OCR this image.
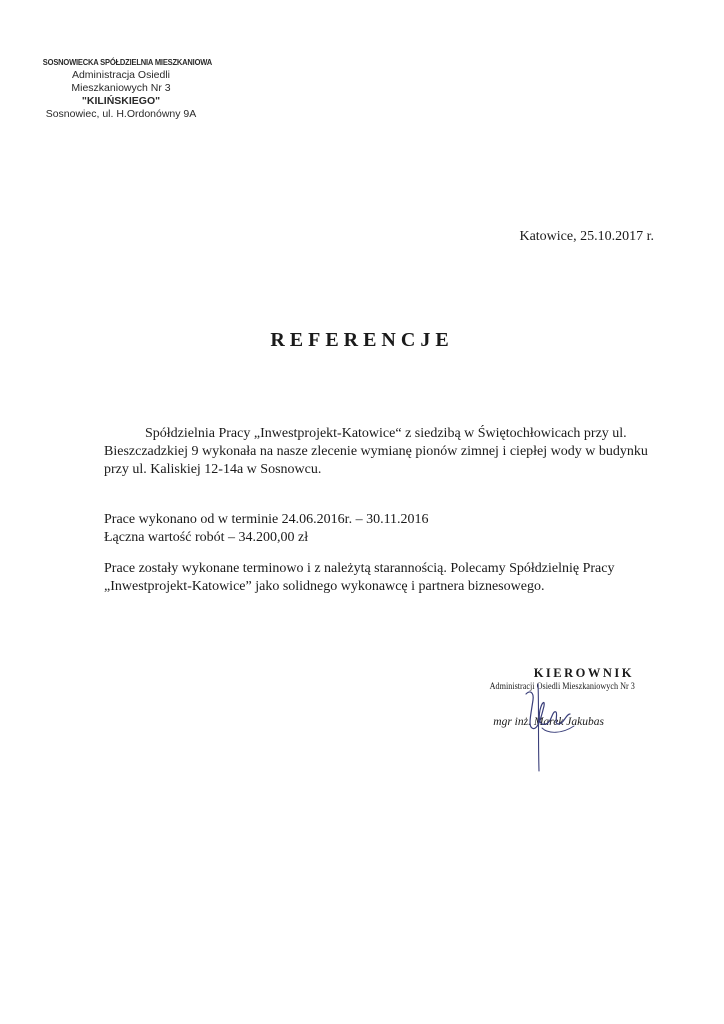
SOSNOWIECKA SPÓŁDZIELNIA MIESZKANIOWA
Administracja Osiedli
Mieszkaniowych Nr 3
"KILIŃSKIEGO"
Sosnowiec, ul. H.Ordonówny 9A
Katowice, 25.10.2017 r.
REFERENCJE
Spółdzielnia Pracy „Inwestprojekt-Katowice“ z siedzibą w Świętochłowicach przy ul. Bieszczadzkiej 9 wykonała na nasze zlecenie wymianę pionów zimnej i ciepłej wody w budynku przy ul. Kaliskiej 12-14a w Sosnowcu.
Prace wykonano od w terminie 24.06.2016r. – 30.11.2016
Łączna wartość robót – 34.200,00 zł
Prace zostały wykonane terminowo i z należytą starannością. Polecamy Spółdzielnię Pracy „Inwestprojekt-Katowice” jako solidnego wykonawcę i partnera biznesowego.
KIEROWNIK
Administracji Osiedli Mieszkaniowych Nr 3
mgr inż. Marek Jakubas
